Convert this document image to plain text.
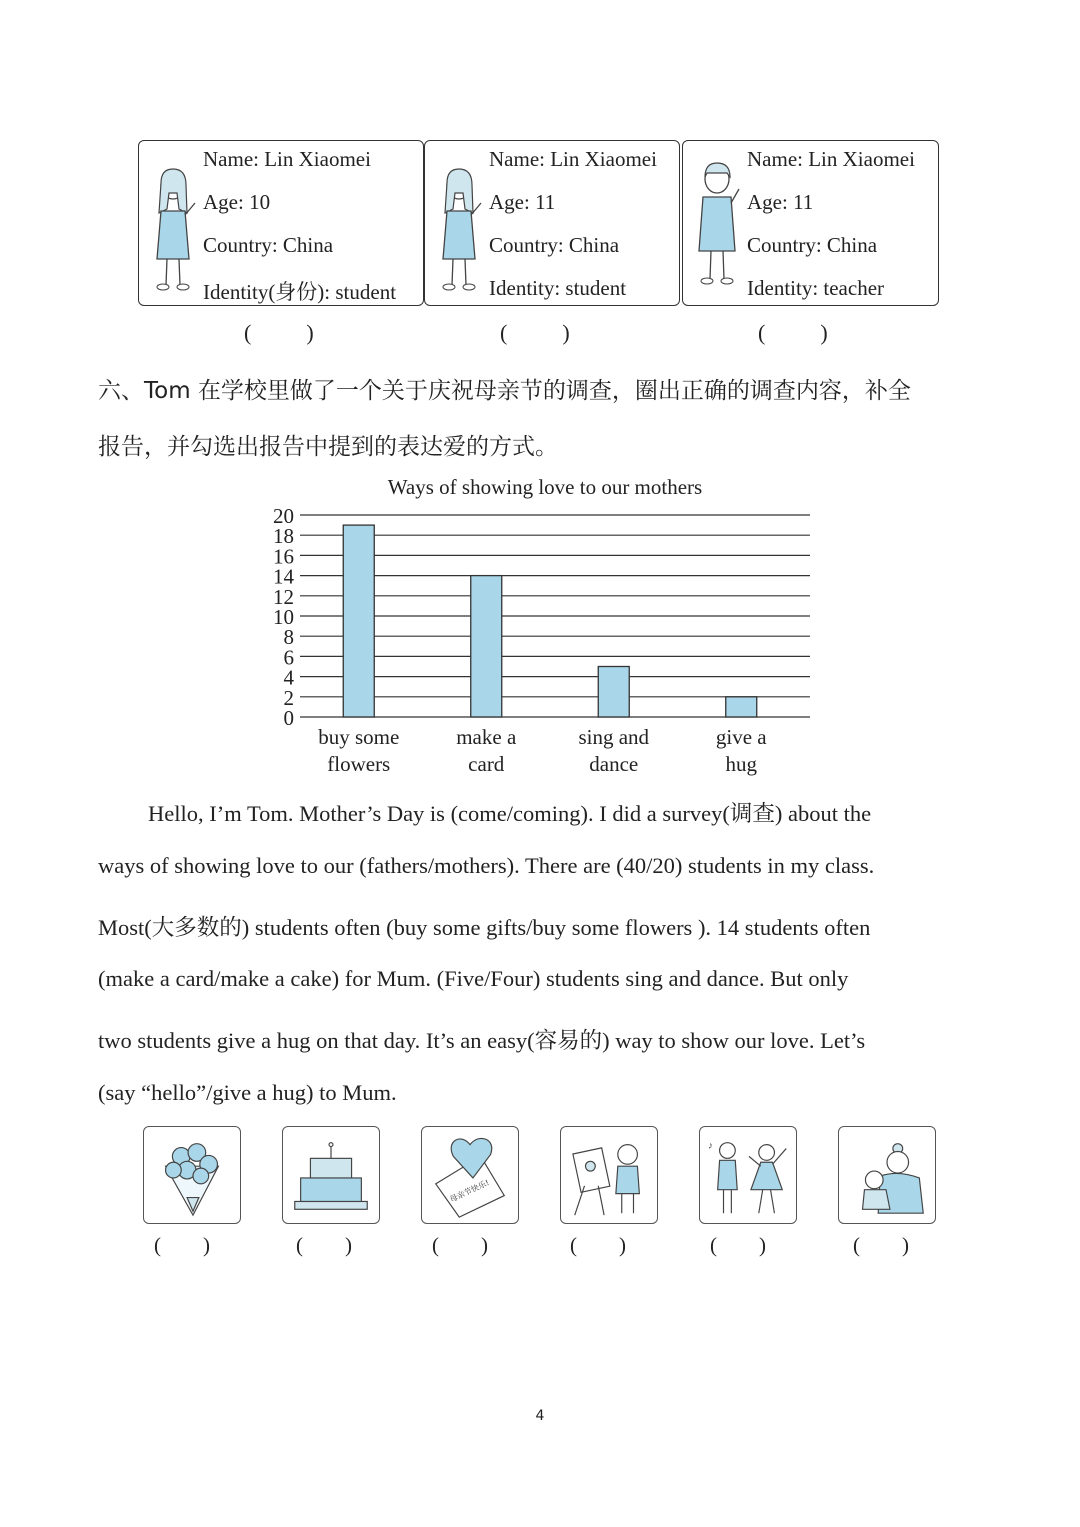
Name: Lin Xiaomei
Age: 10
Country: China
Identity(身份): student
Name: Lin Xiaomei
Age: 11
Country: China
Identity: student
Name: Lin Xiaomei
Age: 11
Country: China
Identity: teacher
(          )	(          )	(          )
六、Tom 在学校里做了一个关于庆祝母亲节的调查，圈出正确的调查内容，补全
报告，并勾选出报告中提到的表达爱的方式。
Ways of showing love to our mothers
0
2
4
6
8
10
12
14
16
18
20
buy some
flowers
make a
card
sing and
dance
give a
hug

Hello, I’m Tom. Mother’s Day is (come/coming). I did a survey(调查) about the

ways of showing love to our (fathers/mothers). There are (40/20) students in my class.

Most(大多数的) students often (buy some gifts/buy some flowers ). 14 students often

(make a card/make a cake) for Mum. (Five/Four) students sing and dance. But only

two students give a hug on that day. It’s an easy(容易的) way to show our love. Let’s

(say “hello”/give a hug) to Mum.

母亲节快乐!
♪
(        )	(        )	(        )	(        )	(        )	(        )
4
